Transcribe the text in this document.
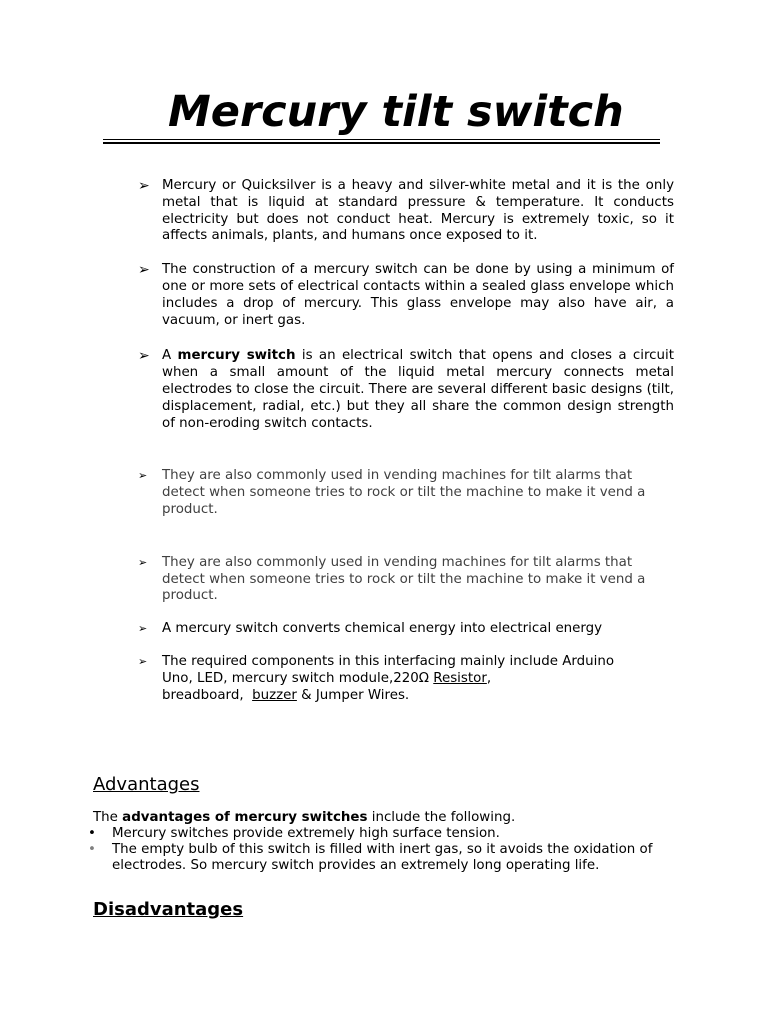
Mercury tilt switch
➢ Mercury or Quicksilver is a heavy and silver-white metal and it is the only metal that is liquid at standard pressure & temperature. It conducts electricity but does not conduct heat. Mercury is extremely toxic, so it affects animals, plants, and humans once exposed to it.
➢ The construction of a mercury switch can be done by using a minimum of one or more sets of electrical contacts within a sealed glass envelope which includes a drop of mercury. This glass envelope may also have air, a vacuum, or inert gas.
➢ A mercury switch is an electrical switch that opens and closes a circuit when a small amount of the liquid metal mercury connects metal electrodes to close the circuit. There are several different basic designs (tilt, displacement, radial, etc.) but they all share the common design strength of non-eroding switch contacts.
➢ They are also commonly used in vending machines for tilt alarms that detect when someone tries to rock or tilt the machine to make it vend a product.
➢ They are also commonly used in vending machines for tilt alarms that detect when someone tries to rock or tilt the machine to make it vend a product.
➢ A mercury switch converts chemical energy into electrical energy
➢ The required components in this interfacing mainly include Arduino
Uno, LED, mercury switch module,220Ω Resistor,
breadboard,  buzzer & Jumper Wires.
Advantages
The advantages of mercury switches include the following.
• Mercury switches provide extremely high surface tension.
• The empty bulb of this switch is filled with inert gas, so it avoids the oxidation of electrodes. So mercury switch provides an extremely long operating life.
Disadvantages
